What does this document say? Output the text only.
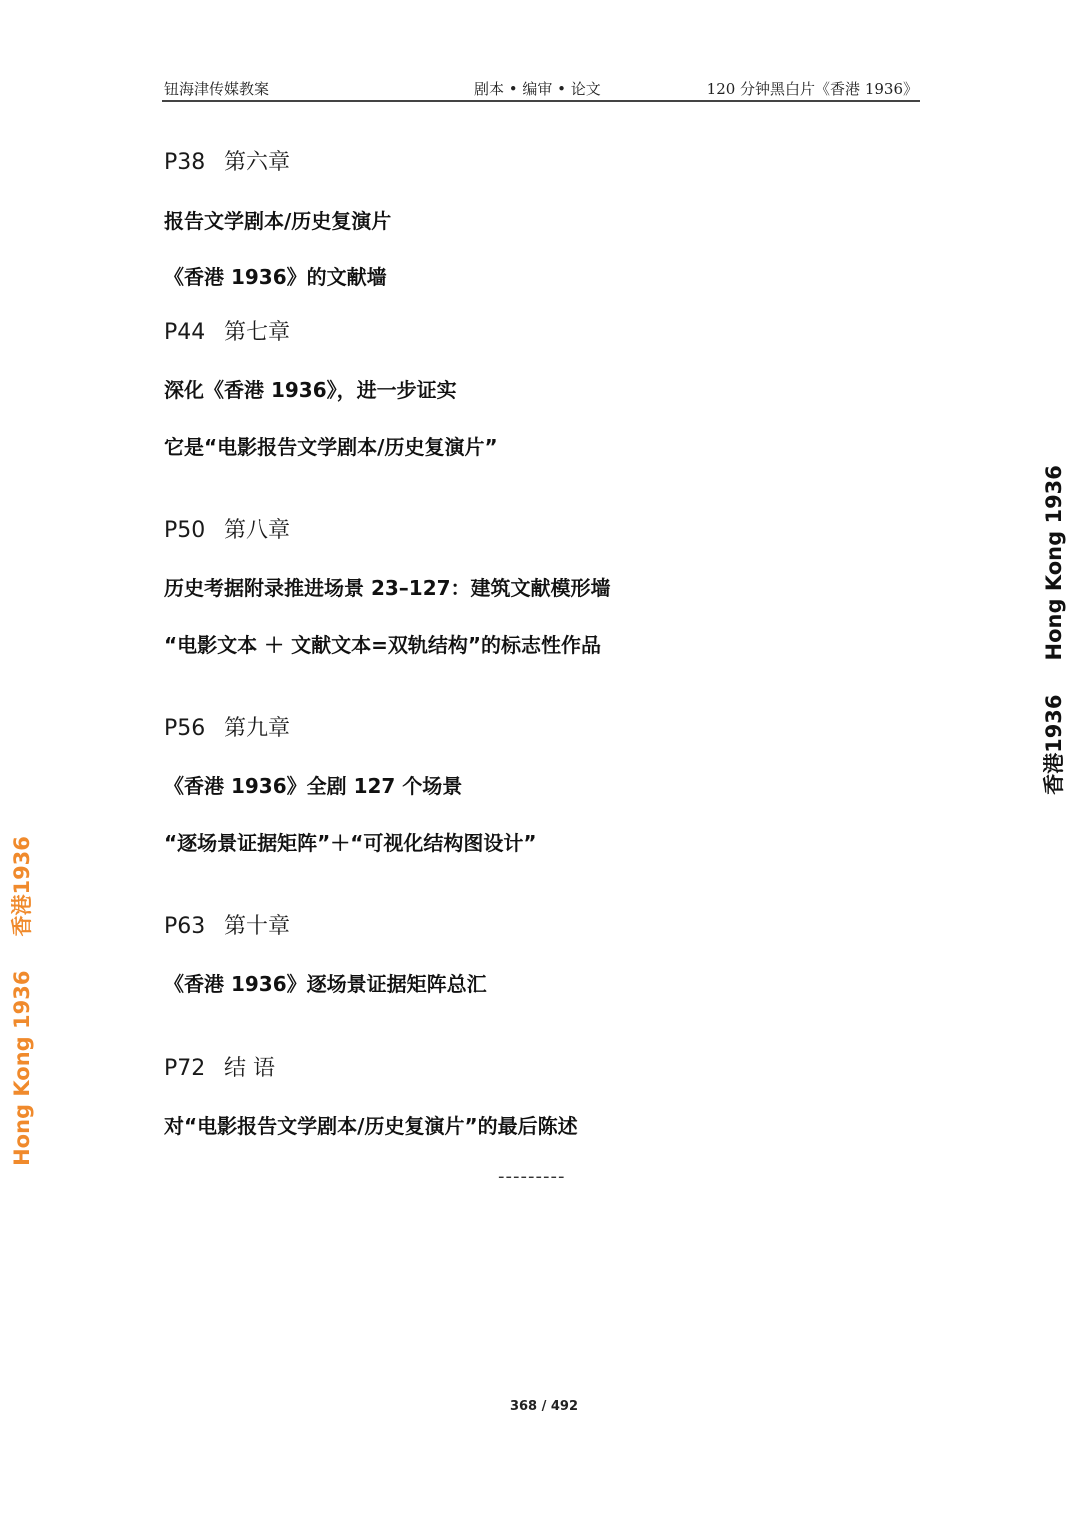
钮海津传媒教案	剧本 • 编审 • 论文	120 分钟黑白片《香港 1936》
P38 第六章
报告文学剧本/历史复演片
《香港 1936》的文献墙
P44 第七章
深化《香港 1936》，进一步证实
它是“电影报告文学剧本/历史复演片”
P50 第八章
历史考据附录推进场景 23–127：建筑文献模形墙
“电影文本 ＋ 文献文本=双轨结构”的标志性作品
P56 第九章
《香港 1936》全剧 127 个场景
“逐场景证据矩阵”＋“可视化结构图设计”
P63 第十章
《香港 1936》逐场景证据矩阵总汇
P72 结 语
对“电影报告文学剧本/历史复演片”的最后陈述
---------
368 / 492
香港1936Hong Kong 1936
Hong Kong 1936香港1936
